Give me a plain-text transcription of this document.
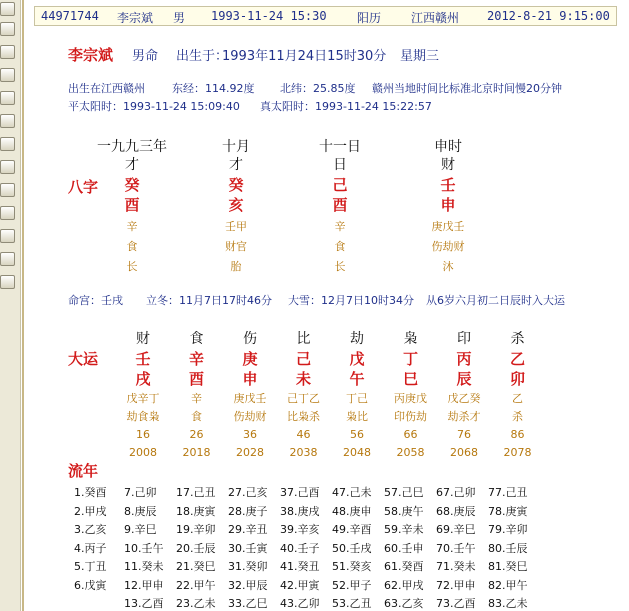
44971744 李宗斌 男 1993-11-24 15:30	阳历 江西赣州 2012-8-21 9:15:00
李宗斌 男命 出生于：
1993年11月24日15时30分 星期三
出生在江西赣州 东经：114.92度 北纬：25.85度 赣州当地时间比标准北京时间慢20分钟
平太阳时：1993-11-24 15:09:40 真太阳时：1993-11-24 15:22:57
八字
一九九三年
才
癸
酉
辛
食
长
十月
才
癸
亥
壬甲
财官
胎
十一日
日
己
酉
辛
食
长
申时
财
壬
申
庚戊壬
伤劫财
沐
命宫：壬戌 立冬：11月7日17时46分 大雪：12月7日10时34分 从6岁六月初二日辰时入大运
大运
财
壬
戌
戊辛丁
劫食枭
16
2008
食
辛
酉
辛
食
26
2018
伤
庚
申
庚戊壬
伤劫财
36
2028
比
己
未
己丁乙
比枭杀
46
2038
劫
戊
午
丁己
枭比
56
2048
枭
丁
巳
丙庚戊
印伤劫
66
2058
印
丙
辰
戊乙癸
劫杀才
76
2068
杀
乙
卯
乙
杀
86
2078
流年
1.癸酉
2.甲戌
3.乙亥
4.丙子
5.丁丑
6.戊寅
7.己卯
8.庚辰
9.辛巳
10.壬午
11.癸未
12.甲申
13.乙酉
17.己丑
18.庚寅
19.辛卯
20.壬辰
21.癸巳
22.甲午
23.乙未
27.己亥
28.庚子
29.辛丑
30.壬寅
31.癸卯
32.甲辰
33.乙巳
37.己酉
38.庚戌
39.辛亥
40.壬子
41.癸丑
42.甲寅
43.乙卯
47.己未
48.庚申
49.辛酉
50.壬戌
51.癸亥
52.甲子
53.乙丑
57.己巳
58.庚午
59.辛未
60.壬申
61.癸酉
62.甲戌
63.乙亥
67.己卯
68.庚辰
69.辛巳
70.壬午
71.癸未
72.甲申
73.乙酉
77.己丑
78.庚寅
79.辛卯
80.壬辰
81.癸巳
82.甲午
83.乙未
